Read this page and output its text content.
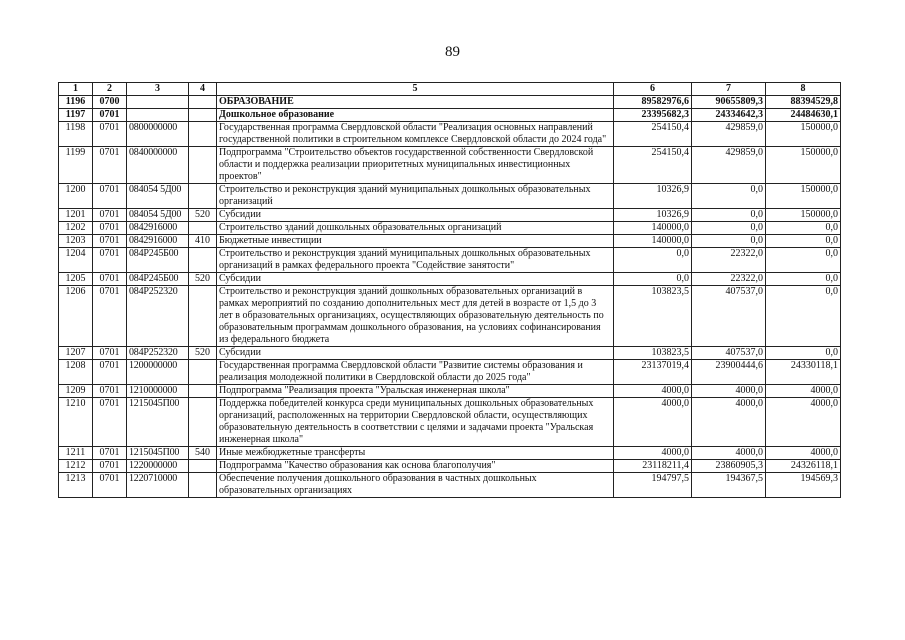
89
1	2	3	4	5	6	7	8
1196	0700			ОБРАЗОВАНИЕ	89582976,6	90655809,3	88394529,8
1197	0701			Дошкольное образование	23395682,3	24334642,3	24484630,1
1198	0701	0800000000		Государственная программа Свердловской области "Реализация основных направлений государственной политики в строительном комплексе Свердловской области до 2024 года"	254150,4	429859,0	150000,0
1199	0701	0840000000		Подпрограмма "Строительство объектов государственной собственности Свердловской области и поддержка реализации приоритетных муниципальных инвестиционных проектов"	254150,4	429859,0	150000,0
1200	0701	084054 5Д00		Строительство и реконструкция зданий муниципальных дошкольных образовательных организаций	10326,9	0,0	150000,0
1201	0701	084054 5Д00	520	Субсидии	10326,9	0,0	150000,0
1202	0701	0842916000		Строительство зданий дошкольных образовательных организаций	140000,0	0,0	0,0
1203	0701	0842916000	410	Бюджетные инвестиции	140000,0	0,0	0,0
1204	0701	084P245Б00		Строительство и реконструкция зданий муниципальных дошкольных образовательных организаций в рамках федерального проекта "Содействие занятости"	0,0	22322,0	0,0
1205	0701	084P245Б00	520	Субсидии	0,0	22322,0	0,0
1206	0701	084P252320		Строительство и реконструкция зданий дошкольных образовательных организаций в рамках мероприятий по созданию дополнительных мест для детей в возрасте от 1,5 до 3 лет в образовательных организациях, осуществляющих образовательную деятельность по образовательным программам дошкольного образования, на условиях софинансирования из федерального бюджета	103823,5	407537,0	0,0
1207	0701	084P252320	520	Субсидии	103823,5	407537,0	0,0
1208	0701	1200000000		Государственная программа Свердловской области "Развитие системы образования и реализация молодежной политики в Свердловской области до 2025 года"	23137019,4	23900444,6	24330118,1
1209	0701	1210000000		Подпрограмма "Реализация проекта "Уральская инженерная школа"	4000,0	4000,0	4000,0
1210	0701	1215045П00		Поддержка победителей конкурса среди муниципальных дошкольных образовательных организаций, расположенных на территории Свердловской области, осуществляющих образовательную деятельность в соответствии с целями и задачами проекта "Уральская инженерная школа"	4000,0	4000,0	4000,0
1211	0701	1215045П00	540	Иные межбюджетные трансферты	4000,0	4000,0	4000,0
1212	0701	1220000000		Подпрограмма "Качество образования как основа благополучия"	23118211,4	23860905,3	24326118,1
1213	0701	1220710000		Обеспечение получения дошкольного образования в частных дошкольных образовательных организациях	194797,5	194367,5	194569,3
